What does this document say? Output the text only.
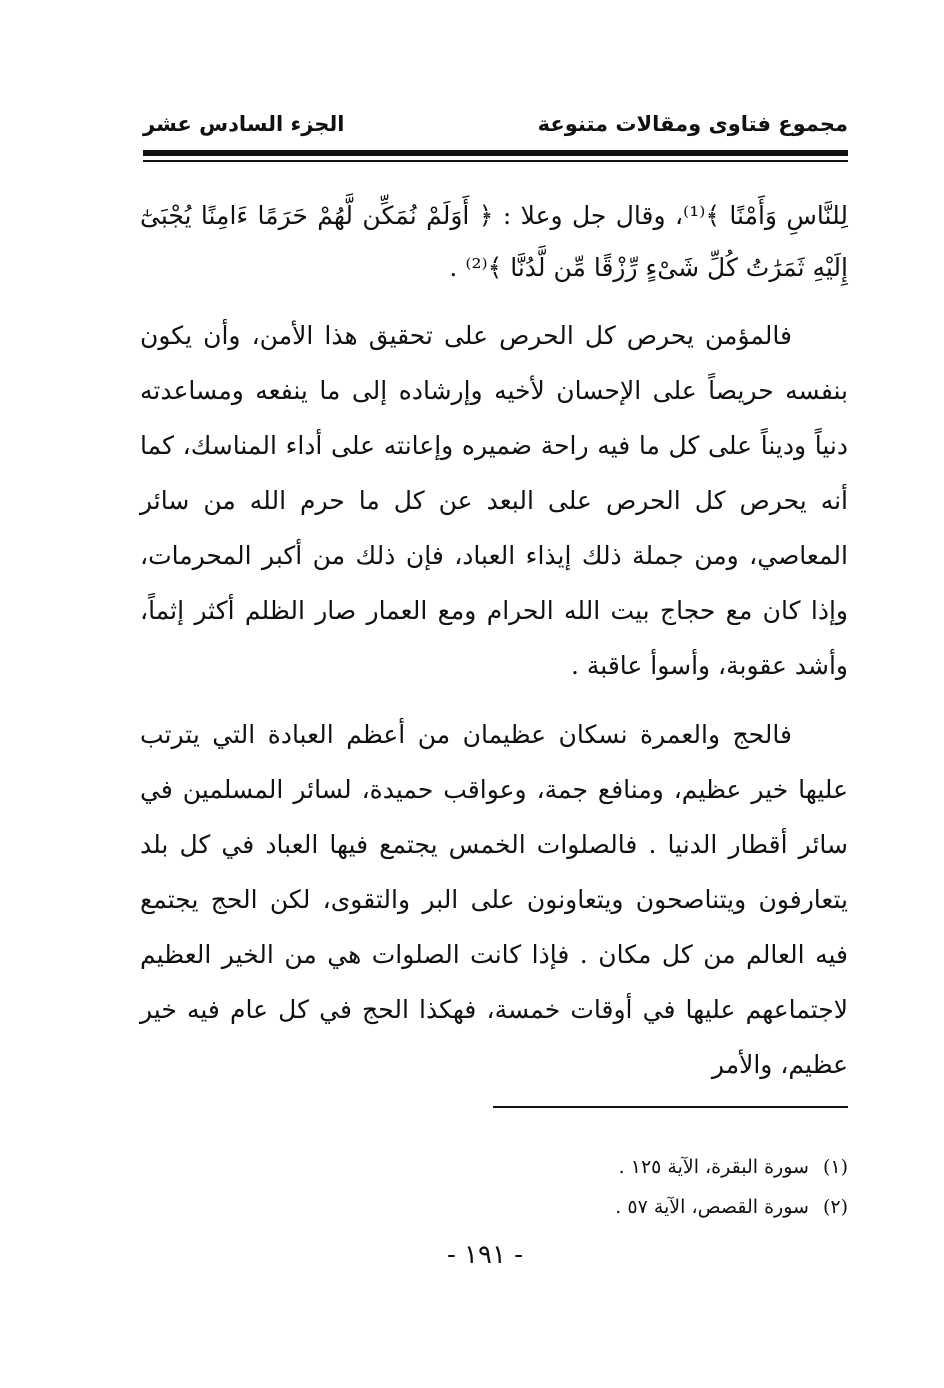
مجموع فتاوى ومقالات متنوعة
الجزء السادس عشر

لِلنَّاسِ وَأَمْنًا ﴾⁽¹⁾، وقال جل وعلا : ﴿ أَوَلَمْ نُمَكِّن لَّهُمْ حَرَمًا ءَامِنًا يُجْبَىٰٓ إِلَيْهِ ثَمَرَٰتُ كُلِّ شَىْءٍ رِّزْقًا مِّن لَّدُنَّا ﴾⁽²⁾ .

فالمؤمن يحرص كل الحرص على تحقيق هذا الأمن، وأن يكون بنفسه حريصاً على الإحسان لأخيه وإرشاده إلى ما ينفعه ومساعدته دنياً وديناً على كل ما فيه راحة ضميره وإعانته على أداء المناسك، كما أنه يحرص كل الحرص على البعد عن كل ما حرم الله من سائر المعاصي، ومن جملة ذلك إيذاء العباد، فإن ذلك من أكبر المحرمات، وإذا كان مع حجاج بيت الله الحرام ومع العمار صار الظلم أكثر إثماً، وأشد عقوبة، وأسوأ عاقبة .

فالحج والعمرة نسكان عظيمان من أعظم العبادة التي يترتب عليها خير عظيم، ومنافع جمة، وعواقب حميدة، لسائر المسلمين في سائر أقطار الدنيا . فالصلوات الخمس يجتمع فيها العباد في كل بلد يتعارفون ويتناصحون ويتعاونون على البر والتقوى، لكن الحج يجتمع فيه العالم من كل مكان . فإذا كانت الصلوات هي من الخير العظيم لاجتماعهم عليها في أوقات خمسة، فهكذا الحج في كل عام فيه خير عظيم، والأمر

(١)سورة البقرة، الآية ١٢٥ .
(٢)سورة القصص، الآية ٥٧ .
- ١٩١ -
